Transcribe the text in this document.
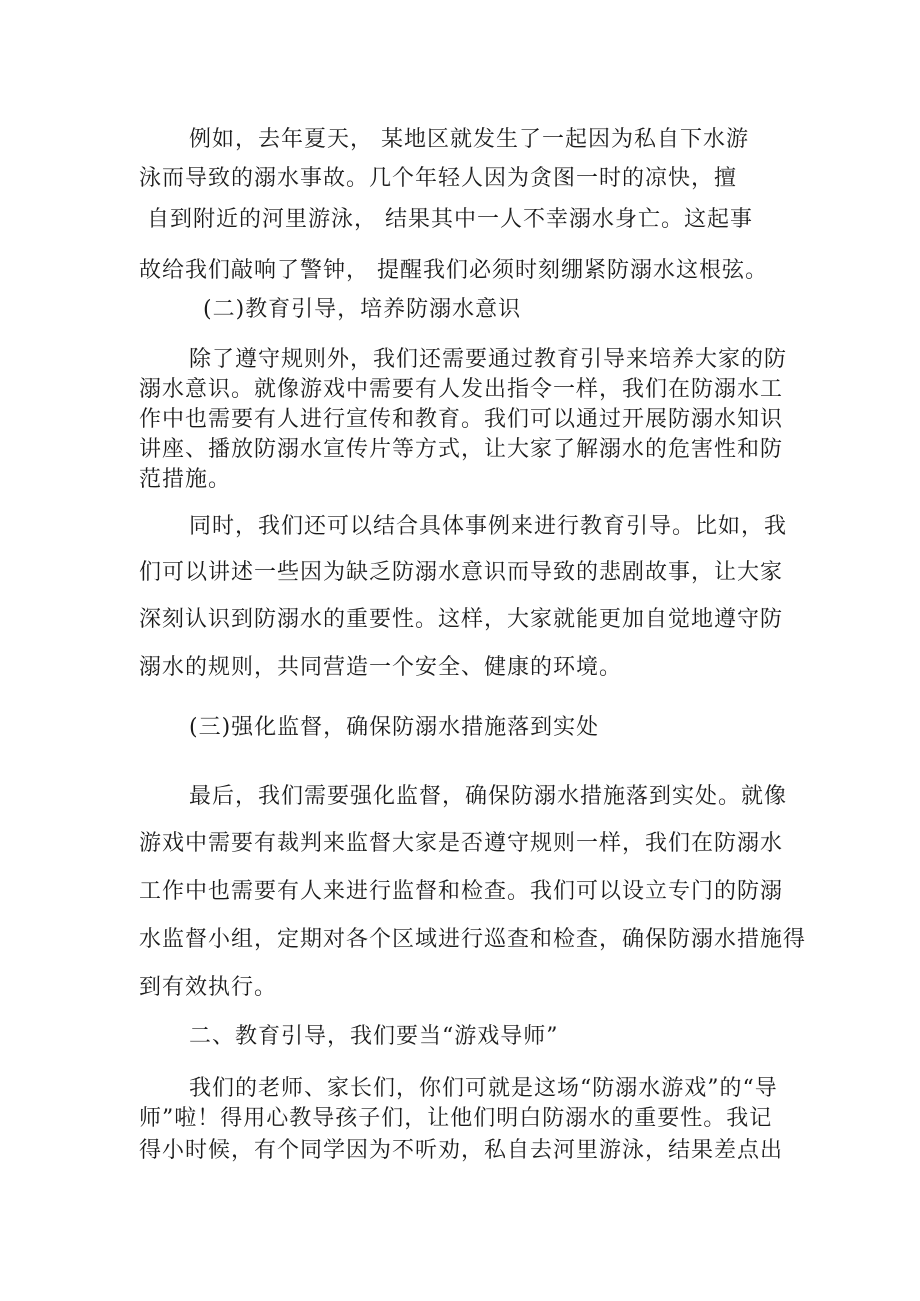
例如，去年夏天， 某地区就发生了一起因为私自下水游
泳而导致的溺水事故。几个年轻人因为贪图一时的凉快，擅
自到附近的河里游泳， 结果其中一人不幸溺水身亡。这起事
故给我们敲响了警钟， 提醒我们必须时刻绷紧防溺水这根弦。
(二)教育引导，培养防溺水意识
除了遵守规则外，我们还需要通过教育引导来培养大家的防
溺水意识。就像游戏中需要有人发出指令一样，我们在防溺水工
作中也需要有人进行宣传和教育。我们可以通过开展防溺水知识
讲座、播放防溺水宣传片等方式，让大家了解溺水的危害性和防
范措施。
同时，我们还可以结合具体事例来进行教育引导。比如，我
们可以讲述一些因为缺乏防溺水意识而导致的悲剧故事，让大家
深刻认识到防溺水的重要性。这样，大家就能更加自觉地遵守防
溺水的规则，共同营造一个安全、健康的环境。
(三)强化监督，确保防溺水措施落到实处
最后，我们需要强化监督，确保防溺水措施落到实处。就像
游戏中需要有裁判来监督大家是否遵守规则一样，我们在防溺水
工作中也需要有人来进行监督和检查。我们可以设立专门的防溺
水监督小组，定期对各个区域进行巡查和检查，确保防溺水措施得
到有效执行。
二、教育引导，我们要当“游戏导师”
我们的老师、家长们，你们可就是这场“防溺水游戏”的“导
师”啦！得用心教导孩子们，让他们明白防溺水的重要性。我记
得小时候，有个同学因为不听劝，私自去河里游泳，结果差点出
